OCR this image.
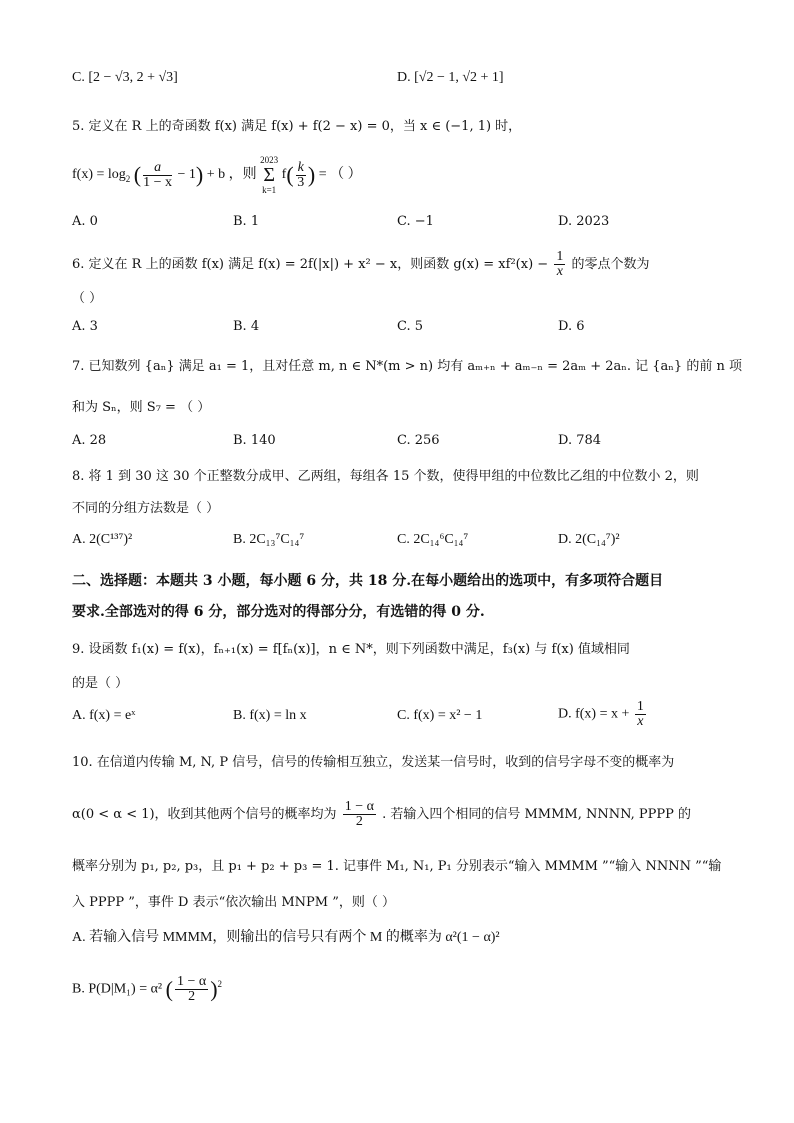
C. [2 − √3, 2 + √3]	D. [√2 − 1, √2 + 1]
5. 定义在 R 上的奇函数 f(x) 满足 f(x) + f(2 − x) = 0，当 x ∈ (−1, 1) 时，
$f(x) = \log_2$ ( $\frac{a}{1 - x} - 1) + b$ ，则 2023
Σ
k=1 $f( \frac{k}{3}$ ) = （ ）
A. 0	B. 1	C. −1	D. 2023
6. 定义在 R 上的函数 f(x) 满足 f(x) = 2f(|x|) + x² − x，则函数 $g(x) = xf^2(x) - \frac{1}{x}$ 的零点个数为
（ ）
A. 3	B. 4	C. 5	D. 6
7. 已知数列 {aₙ} 满足 a₁ = 1，且对任意 m, n ∈ N*(m > n) 均有 aₘ₊ₙ + aₘ₋ₙ = 2aₘ + 2aₙ. 记 {aₙ} 的前 n 项
和为 Sₙ，则 S₇ = （ ）
A. 28	B. 140	C. 256	D. 784
8. 将 1 到 30 这 30 个正整数分成甲、乙两组，每组各 15 个数，使得甲组的中位数比乙组的中位数小 2，则
不同的分组方法数是（ ）
A. 2(C¹³⁷)²	B. 2C₁₃⁷C₁₄⁷	C. 2C₁₄⁶C₁₄⁷	D. 2(C₁₄⁷)²
二、选择题：本题共 3 小题，每小题 6 分，共 18 分.在每小题给出的选项中，有多项符合题目
要求.全部选对的得 6 分，部分选对的得部分分，有选错的得 0 分.
9. 设函数 f₁(x) = f(x)，fₙ₊₁(x) = f[fₙ(x)]，n ∈ N*，则下列函数中满足，f₃(x) 与 f(x) 值域相同
的是（ ）
A. f(x) = eˣ	B. f(x) = ln x	C. f(x) = x² − 1	D. $f(x) = x + \frac{1}{x}$
10. 在信道内传输 M, N, P 信号，信号的传输相互独立，发送某一信号时，收到的信号字母不变的概率为
α(0 < α < 1)，收到其他两个信号的概率均为 $\frac{1 - \alpha}{2}$ . 若输入四个相同的信号 MMMM, NNNN, PPPP 的
概率分别为 p₁, p₂, p₃，且 p₁ + p₂ + p₃ = 1. 记事件 M₁, N₁, P₁ 分别表示“输入 MMMM ”“输入 NNNN ”“输
入 PPPP ”，事件 D 表示“依次输出 MNPM ”，则（ ）
A. 若输入信号 MMMM，则输出的信号只有两个 M 的概率为 α²(1 − α)²
B. P(D|M₁) = α² ( $\frac{1 - \alpha}{2} )^2$
